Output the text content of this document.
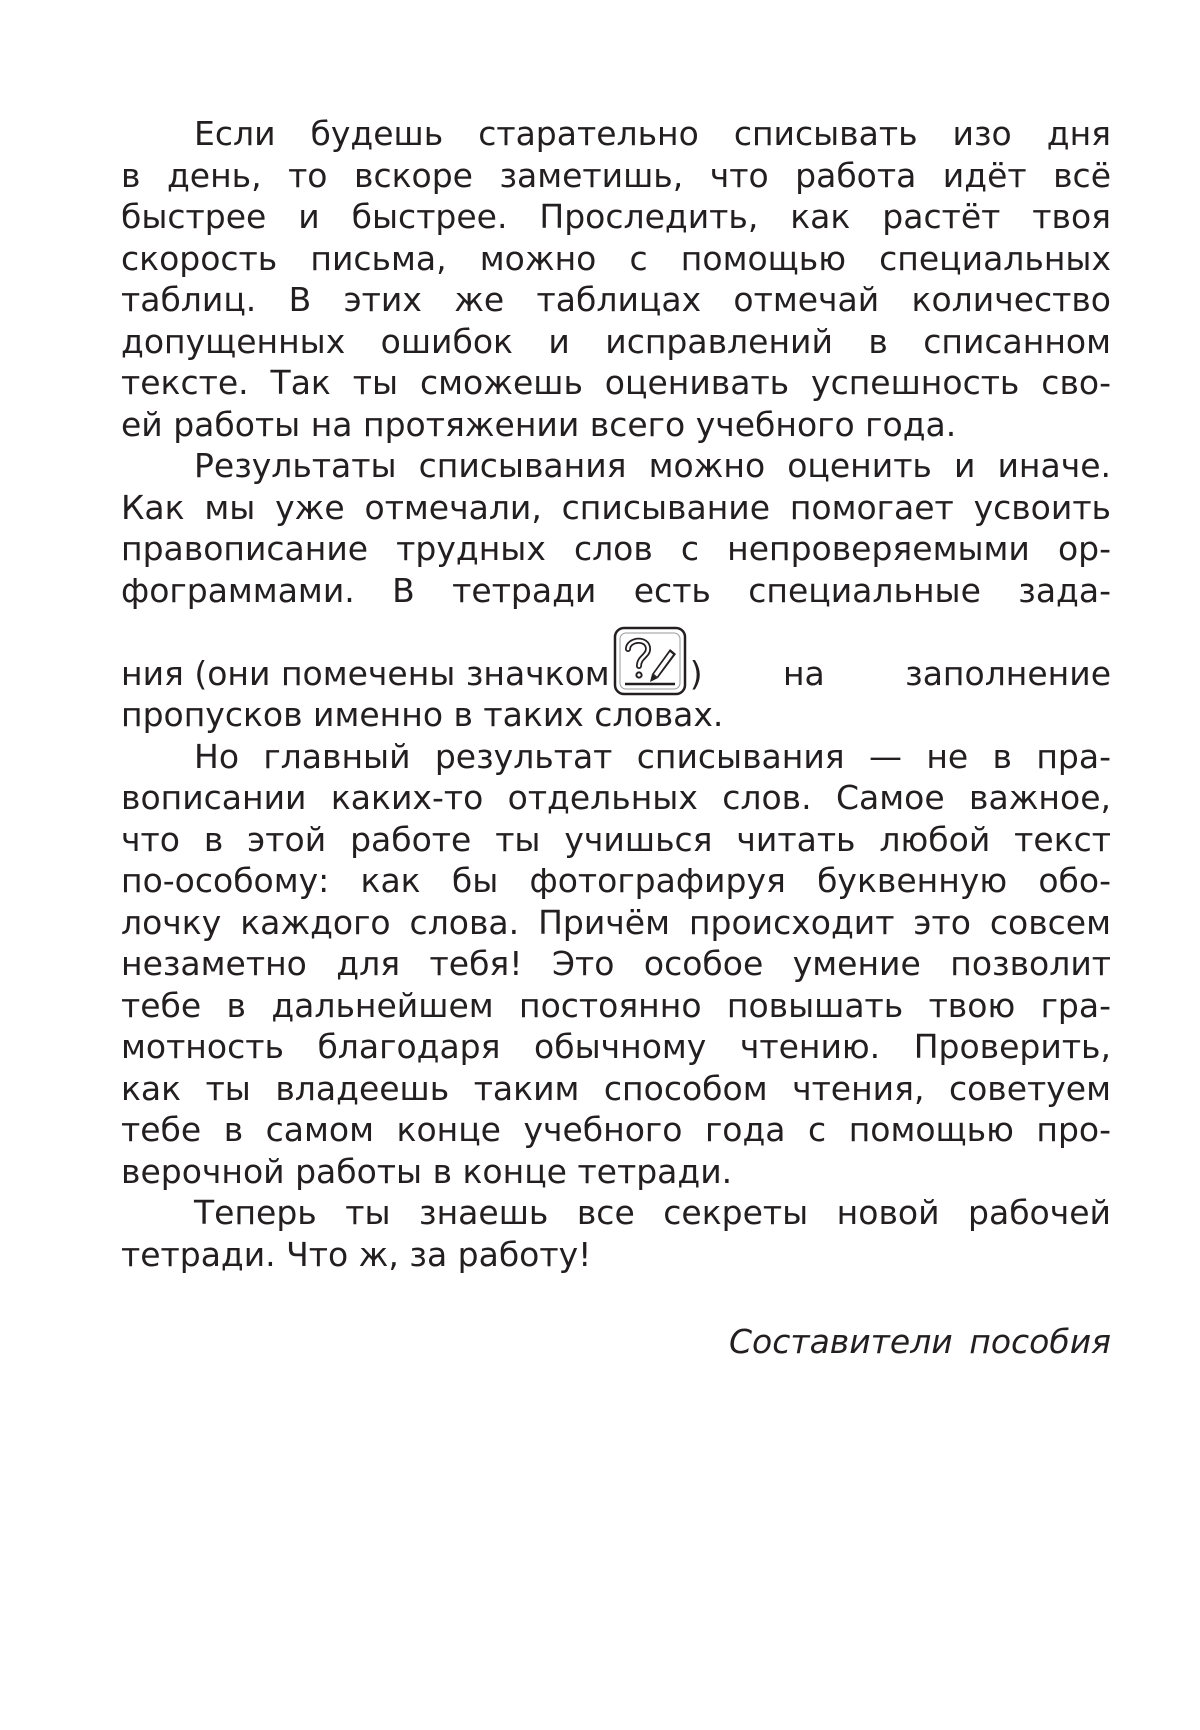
Если будешь старательно списывать изо дня
в день, то вскоре заметишь, что работа идёт всё
быстрее и быстрее. Проследить, как растёт твоя
скорость письма, можно с помощью специальных
таблиц. В этих же таблицах отмечай количество
допущенных ошибок и исправлений в списанном
тексте. Так ты сможешь оценивать успешность сво-
ей работы на протяжении всего учебного года.
Результаты списывания можно оценить и иначе.
Как мы уже отмечали, списывание помогает усвоить
правописание трудных слов с непроверяемыми ор-
фограммами. В тетради есть специальные зада-
ния (они помечены значком ) на заполнение
пропусков именно в таких словах.
Но главный результат списывания — не в пра-
вописании каких-то отдельных слов. Самое важное,
что в этой работе ты учишься читать любой текст
по-особому: как бы фотографируя буквенную обо-
лочку каждого слова. Причём происходит это совсем
незаметно для тебя! Это особое умение позволит
тебе в дальнейшем постоянно повышать твою гра-
мотность благодаря обычному чтению. Проверить,
как ты владеешь таким способом чтения, советуем
тебе в самом конце учебного года с помощью про-
верочной работы в конце тетради.
Теперь ты знаешь все секреты новой рабочей
тетради. Что ж, за работу!
Составители пособия
